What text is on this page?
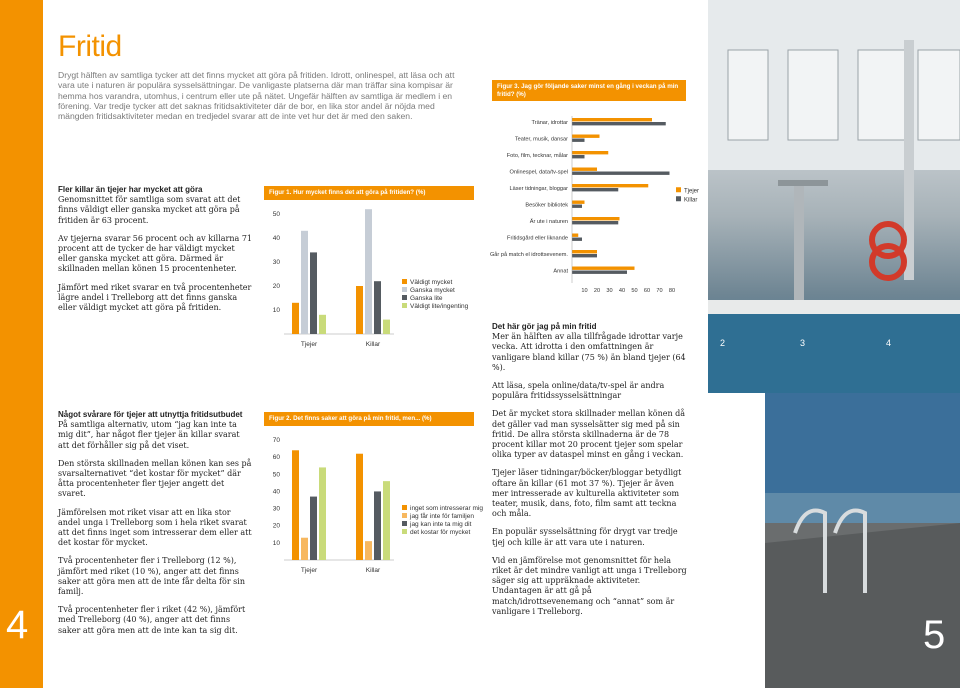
4
Fritid
Drygt hälften av samtliga tycker att det finns mycket att göra på fritiden. Idrott, onlinespel, att läsa och att vara ute i naturen är populära sysselsättningar. De vanligaste platserna där man träffar sina kompisar är hemma hos varandra, utomhus, i centrum eller ute på nätet. Ungefär hälften av samtliga är medlem i en förening. Var tredje tycker att det saknas fritidsaktiviteter där de bor, en lika stor andel är nöjda med mängden fritidsaktiviteter medan en tredjedel svarar att de inte vet hur det är med den saken.
Fler killar än tjejer har mycket att göra

Genomsnittet för samtliga som svarat att det finns väldigt eller ganska mycket att göra på fritiden är 63 procent.

Av tjejerna svarar 56 procent och av killarna 71 procent att de tycker de har väldigt mycket eller ganska mycket att göra. Därmed är skillnaden mellan könen 15 procentenheter.

Jämfört med riket svarar en två procentenheter lägre andel i Trelleborg att det finns ganska eller väldigt mycket att göra på fritiden.

Något svårare för tjejer att utnyttja fritidsutbudet

På samtliga alternativ, utom “jag kan inte ta mig dit”, har något fler tjejer än killar svarat att det förhåller sig på det viset.

Den största skillnaden mellan könen kan ses på svarsalternativet “det kostar för mycket” där åtta procentenheter fler tjejer angett det svaret.

Jämförelsen mot riket visar att en lika stor andel unga i Trelleborg som i hela riket svarat att det finns inget som intresserar dem eller att det kostar för mycket.

Två procentenheter fler i Trelleborg (12 %), jämfört med riket (10 %), anger att det finns saker att göra men att de inte får delta för sin familj.

Två procentenheter fler i riket (42 %), jämfört med Trelleborg (40 %), anger att det finns saker att göra men att de inte kan ta sig dit.

Det här gör jag på min fritid

Mer än hälften av alla tillfrågade idrottar varje vecka. Att idrotta i den omfattningen är vanligare bland killar (75 %) än bland tjejer (64 %).

Att läsa, spela online/data/tv-spel är andra populära fritidssysselsättningar

Det är mycket stora skillnader mellan könen då det gäller vad man sysselsätter sig med på sin fritid. De allra största skillnaderna är de 78 procent killar mot 20 procent tjejer som spelar olika typer av dataspel minst en gång i veckan.

Tjejer läser tidningar/böcker/bloggar betydligt oftare än killar (61 mot 37 %). Tjejer är även mer intresserade av kulturella aktiviteter som teater, musik, dans, foto, film samt att teckna och måla.

En populär sysselsättning för drygt var tredje tjej och kille är att vara ute i naturen.

Vid en jämförelse mot genomsnittet för hela riket är det mindre vanligt att unga i Trelleborg säger sig att uppräknade aktiviteter. Undantagen är att gå på match/idrottsevenemang och “annat” som är vanligare i Trelleborg.

Figur 1. Hur mycket finns det att göra på fritiden? (%)
10
20
30
40
50
Tjejer	Killar
Väldigt mycket
Ganska mycket
Ganska lite
Väldigt lite/ingenting
Figur 2. Det finns saker att göra på min fritid, men... (%)
10
20
30
40
50
60
70
Tjejer	Killar
inget som intresserar mig
jag får inte för familjen
jag kan inte ta mig dit
det kostar för mycket
Figur 3. Jag gör följande saker minst en gång i veckan på min fritid? (%)
Tränar, idrottar
Teater, musik, dansar
Foto, film, tecknar, målar
Onlinespel, data/tv-spel
Läser tidningar, bloggar
Besöker bibliotek
Är ute i naturen
Fritidsgård eller liknande
Går på match el idrottsevenem.
Annat
10 20 30 40 50 60 70 80
Tjejer
Killar
2	3	4
5
